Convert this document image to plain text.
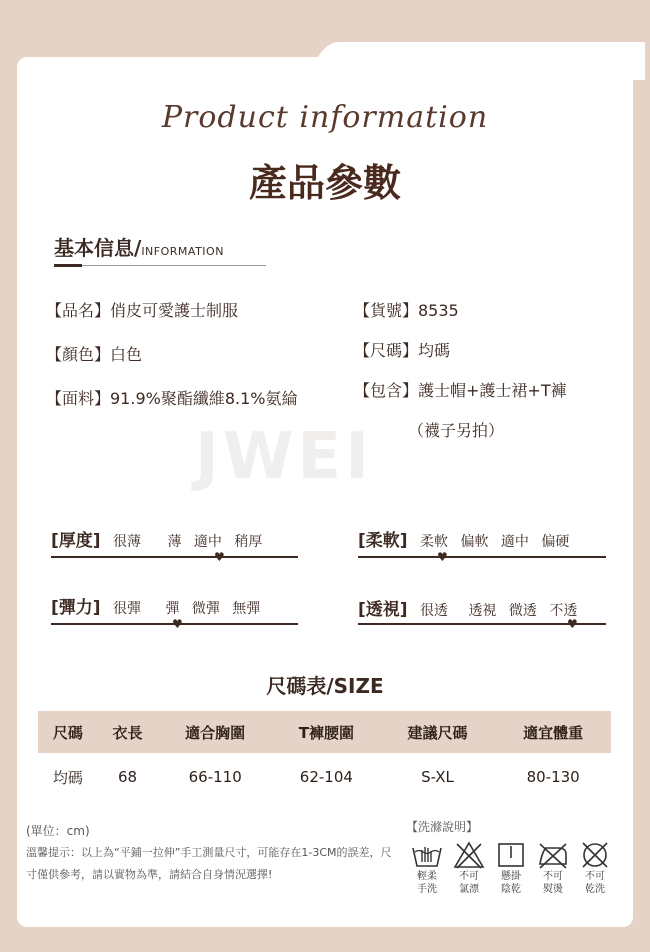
Product information
產品參數
基本信息/INFORMATION
JWEI
【品名】俏皮可愛護士制服
【顏色】白色
【面料】91.9%聚酯纖維8.1%氨綸
【貨號】8535
【尺碼】均碼
【包含】護士帽+護士裙+T褲
（襪子另拍）
[厚度] 很薄 薄 適中 稍厚
♥
[柔軟] 柔軟 偏軟 適中 偏硬
♥
[彈力] 很彈 彈 微彈 無彈
♥
[透視] 很透 透視 微透 不透
♥
尺碼表/SIZE
尺碼	衣長	適合胸圍	T褲腰圍	建議尺碼	適宜體重
均碼	68	66-110	62-104	S-XL	80-130
(單位：cm)
溫馨提示：以上為“平鋪一拉伸”手工測量尺寸，可能存在1-3CM的誤差，尺寸僅供參考，請以實物為準，請結合自身情況選擇!
【洗滌說明】
輕柔
手洗
不可
氯漂
懸掛
陰乾
不可
熨燙
不可
乾洗
